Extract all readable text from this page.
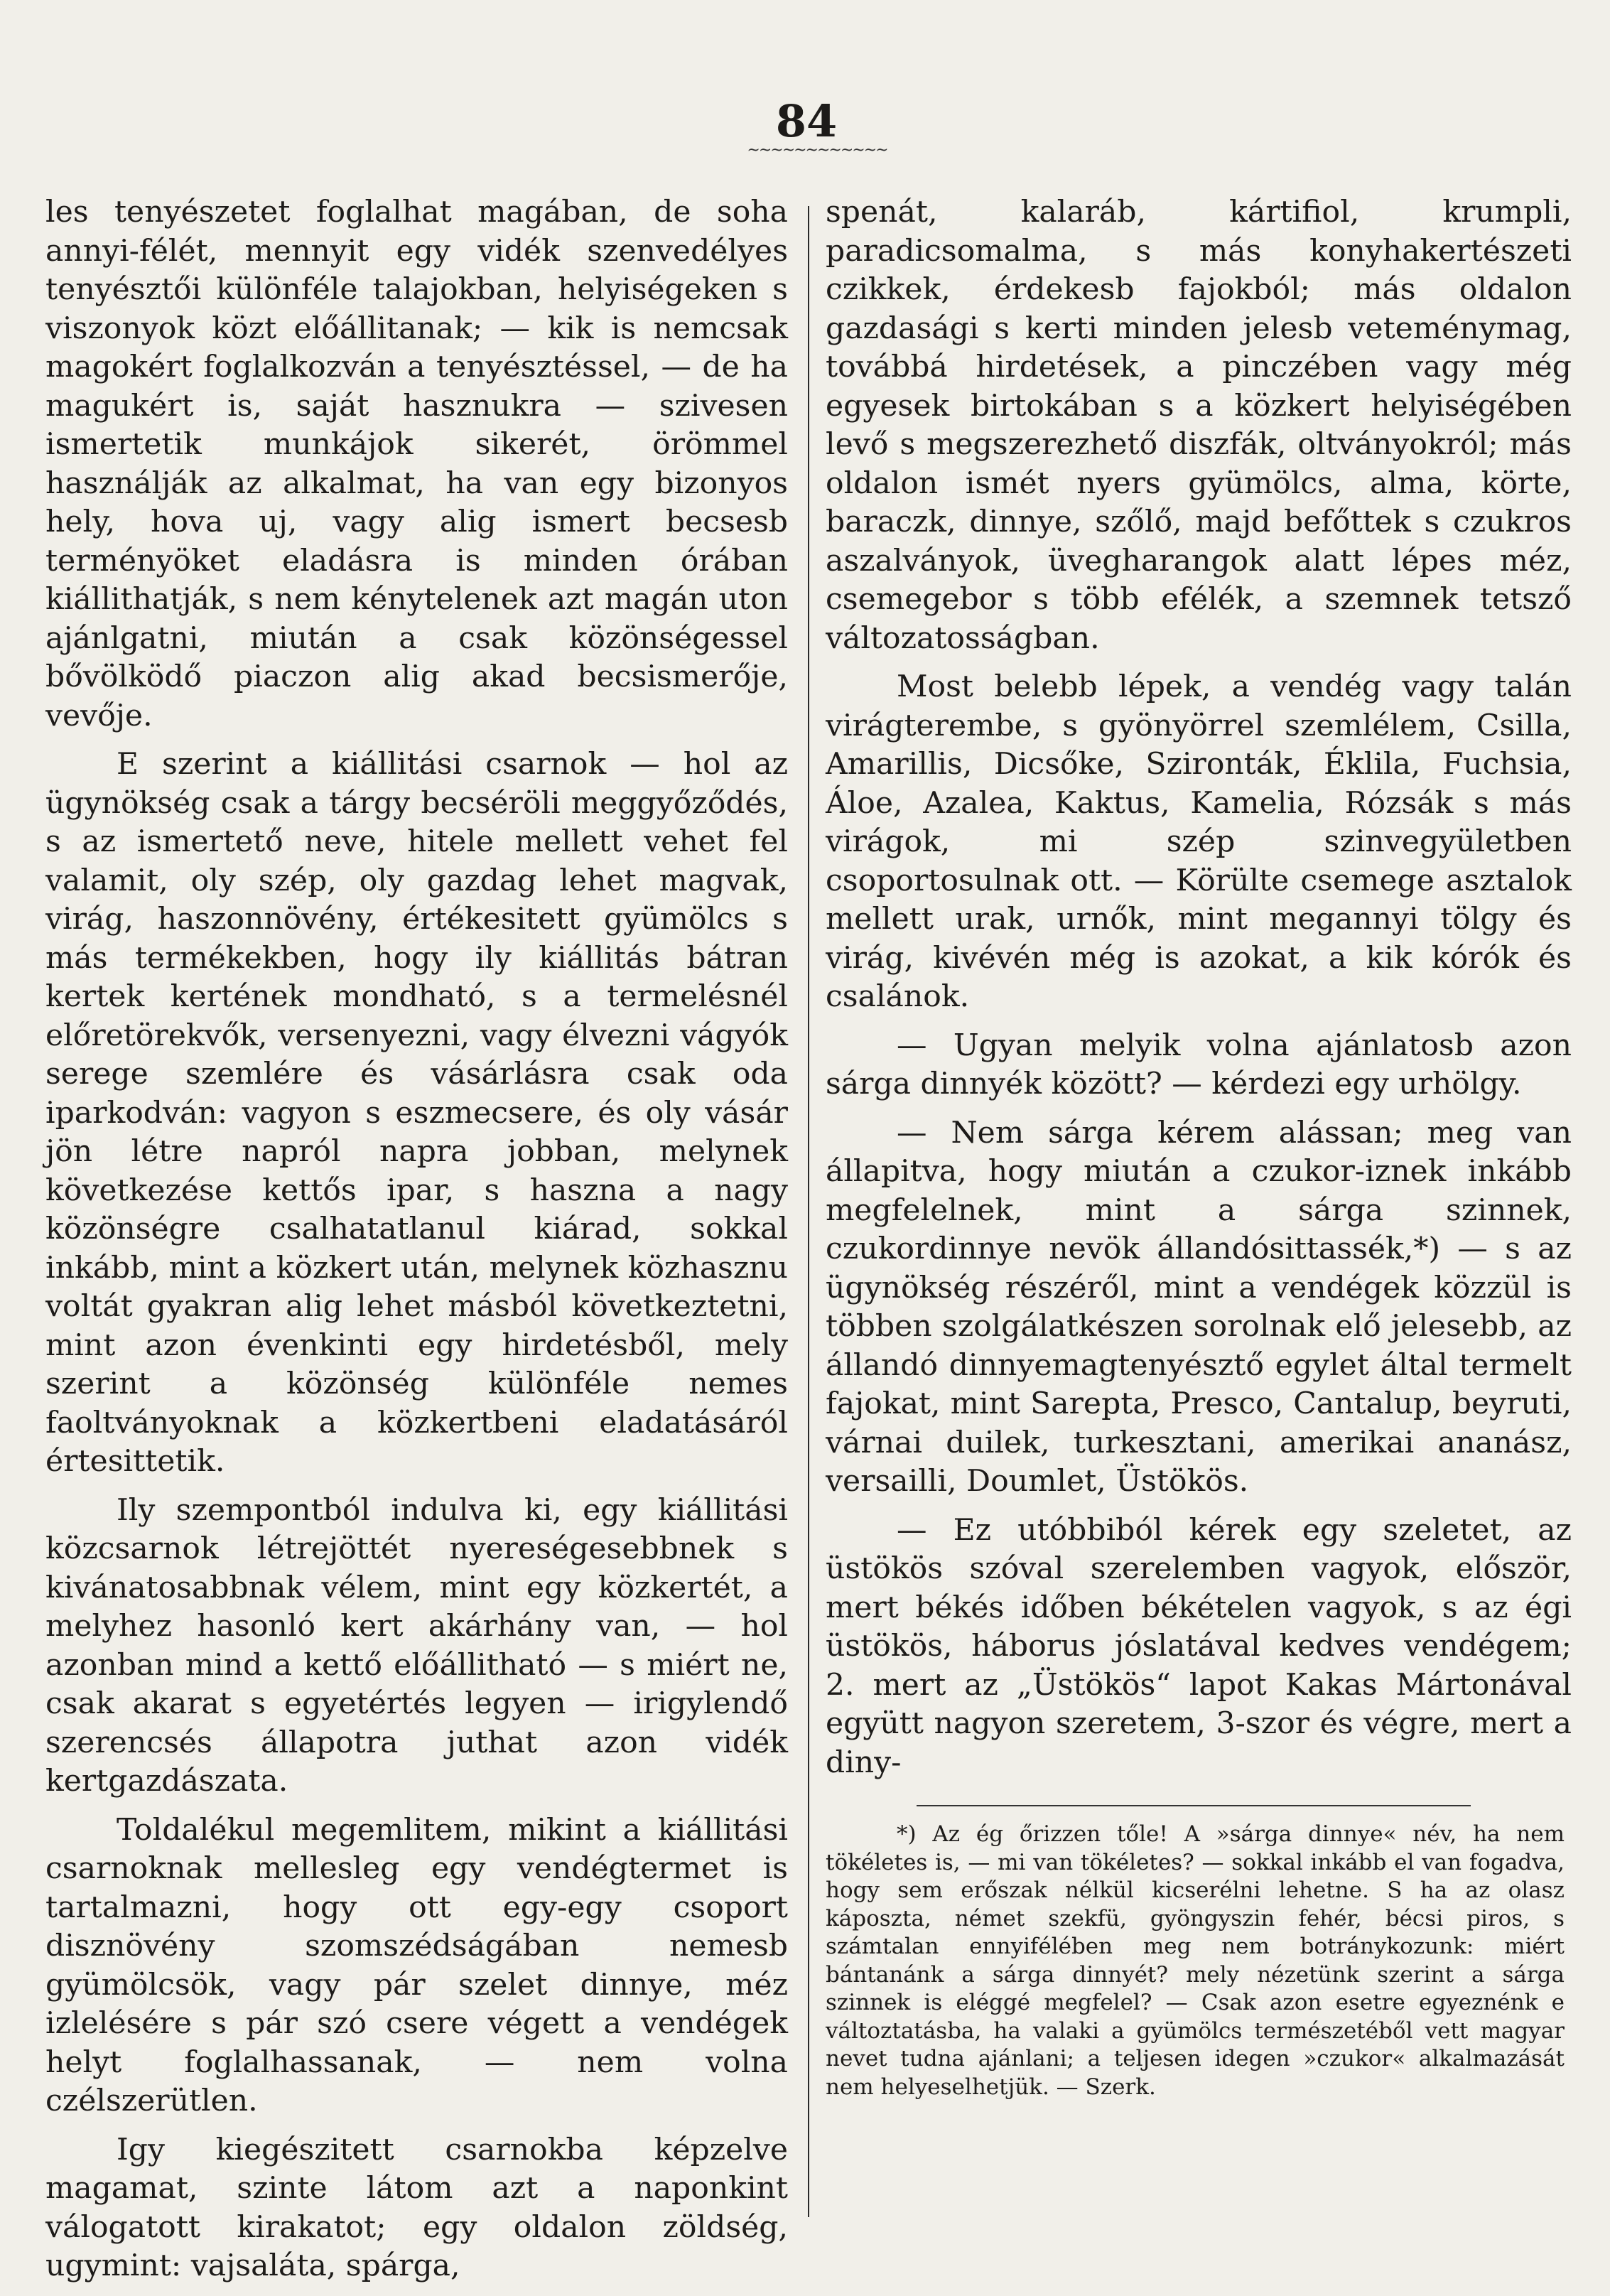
84
~~~~~~~~~~~~

les tenyészetet foglalhat magában, de soha annyi-félét, mennyit egy vidék szenvedélyes tenyésztői különféle talajokban, helyiségeken s viszonyok közt előállitanak; — kik is nemcsak magokért foglalkozván a tenyésztéssel, — de ha magukért is, saját hasznukra — szivesen ismertetik munkájok sikerét, örömmel használják az alkalmat, ha van egy bizonyos hely, hova uj, vagy alig ismert becsesb terményöket eladásra is minden órában kiállithatják, s nem kénytelenek azt magán uton ajánlgatni, miután a csak közönségessel bővölködő piaczon alig akad becsismerője, vevője.

E szerint a kiállitási csarnok — hol az ügynökség csak a tárgy becséröli meggyőződés, s az ismertető neve, hitele mellett vehet fel valamit, oly szép, oly gazdag lehet magvak, virág, haszonnövény, értékesitett gyümölcs s más termékekben, hogy ily kiállitás bátran kertek kertének mondható, s a termelésnél előretörekvők, versenyezni, vagy élvezni vágyók serege szemlére és vásárlásra csak oda iparkodván: vagyon s eszmecsere, és oly vásár jön létre napról napra jobban, melynek következése kettős ipar, s haszna a nagy közönségre csalhatatlanul kiárad, sokkal inkább, mint a közkert után, melynek közhasznu voltát gyakran alig lehet másból következtetni, mint azon évenkinti egy hirdetésből, mely szerint a közönség különféle nemes faoltványoknak a közkertbeni eladatásáról értesittetik.

Ily szempontból indulva ki, egy kiállitási közcsarnok létrejöttét nyereségesebbnek s kivánatosabbnak vélem, mint egy közkertét, a melyhez hasonló kert akárhány van, — hol azonban mind a kettő előállitható — s miért ne, csak akarat s egyetértés legyen — irigylendő szerencsés állapotra juthat azon vidék kertgazdászata.

Toldalékul megemlitem, mikint a kiállitási csarnoknak mellesleg egy vendégtermet is tartalmazni, hogy ott egy-egy csoport disznövény szomszédságában nemesb gyümölcsök, vagy pár szelet dinnye, méz izlelésére s pár szó csere végett a vendégek helyt foglalhassanak, — nem volna czélszerütlen.

Igy kiegészitett csarnokba képzelve magamat, szinte látom azt a naponkint válogatott kirakatot; egy oldalon zöldség, ugymint: vajsaláta, spárga,

spenát, kalaráb, kártifiol, krumpli, paradicsomalma, s más konyhakertészeti czikkek, érdekesb fajokból; más oldalon gazdasági s kerti minden jelesb veteménymag, továbbá hirdetések, a pinczében vagy még egyesek birtokában s a közkert helyiségében levő s megszerezhető diszfák, oltványokról; más oldalon ismét nyers gyümölcs, alma, körte, baraczk, dinnye, szőlő, majd befőttek s czukros aszalványok, üvegharangok alatt lépes méz, csemegebor s több efélék, a szemnek tetsző változatosságban.

Most belebb lépek, a vendég vagy talán virágterembe, s gyönyörrel szemlélem, Csilla, Amarillis, Dicsőke, Szironták, Éklila, Fuchsia, Áloe, Azalea, Kaktus, Kamelia, Rózsák s más virágok, mi szép szinvegyületben csoportosulnak ott. — Körülte csemege asztalok mellett urak, urnők, mint megannyi tölgy és virág, kivévén még is azokat, a kik kórók és csalánok.

— Ugyan melyik volna ajánlatosb azon sárga dinnyék között? — kérdezi egy urhölgy.

— Nem sárga kérem alássan; meg van állapitva, hogy miután a czukor-iznek inkább megfelelnek, mint a sárga szinnek, czukordinnye nevök állandósittassék,*) — s az ügynökség részéről, mint a vendégek közzül is többen szolgálatkészen sorolnak elő jelesebb, az állandó dinnyemagtenyésztő egylet által termelt fajokat, mint Sarepta, Presco, Cantalup, beyruti, várnai duilek, turkesztani, amerikai ananász, versailli, Doumlet, Üstökös.

— Ez utóbbiból kérek egy szeletet, az üstökös szóval szerelemben vagyok, először, mert békés időben békételen vagyok, s az égi üstökös, háborus jóslatával kedves vendégem; 2. mert az „Üstökös“ lapot Kakas Mártonával együtt nagyon szeretem, 3-szor és végre, mert a diny-

*) Az ég őrizzen tőle! A »sárga dinnye« név, ha nem tökéletes is, — mi van tökéletes? — sokkal inkább el van fogadva, hogy sem erőszak nélkül kicserélni lehetne. S ha az olasz káposzta, német szekfü, gyöngyszin fehér, bécsi piros, s számtalan ennyifélében meg nem botránykozunk: miért bántanánk a sárga dinnyét? mely nézetünk szerint a sárga szinnek is eléggé megfelel? — Csak azon esetre egyeznénk e változtatásba, ha valaki a gyümölcs természetéből vett magyar nevet tudna ajánlani; a teljesen idegen »czukor« alkalmazását nem helyeselhetjük. — Szerk.
